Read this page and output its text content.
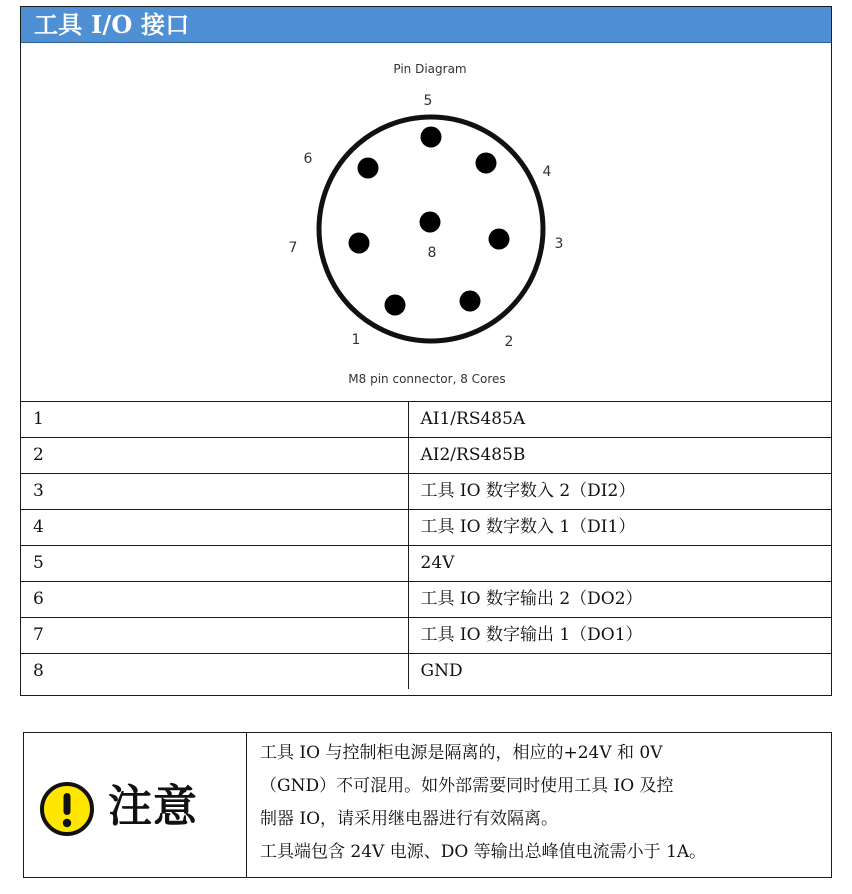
工具 I/O 接口
Pin Diagram
1	2
3
4
5
6
7	8
M8 pin connector, 8 Cores
1	AI1/RS485A
2	AI2/RS485B
3	工具 IO 数字数入 2（DI2）
4	工具 IO 数字数入 1（DI1）
5	24V
6	工具 IO 数字输出 2（DO2）
7	工具 IO 数字输出 1（DO1）
8	GND
注意
工具 IO 与控制柜电源是隔离的，相应的+24V 和 0V
（GND）不可混用。如外部需要同时使用工具 IO 及控
制器 IO，请采用继电器进行有效隔离。
工具端包含 24V 电源、DO 等输出总峰值电流需小于 1A。
